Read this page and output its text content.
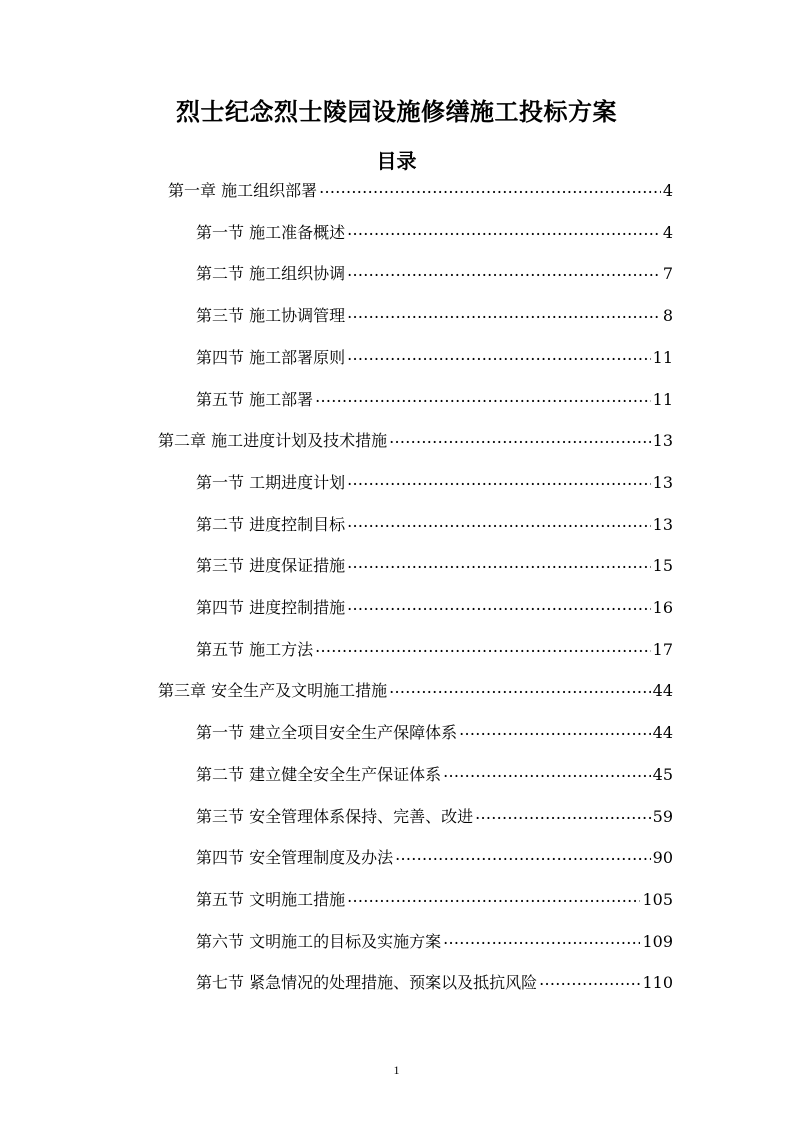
烈士纪念烈士陵园设施修缮施工投标方案
目录
第一章 施工组织部署 .....	4
第一节 施工准备概述 .....	4
第二节 施工组织协调 .....	7
第三节 施工协调管理 .....	8
第四节 施工部署原则 .....	11
第五节 施工部署 .....	11
第二章 施工进度计划及技术措施 .....	13
第一节 工期进度计划 .....	13
第二节 进度控制目标 .....	13
第三节 进度保证措施 .....	15
第四节 进度控制措施 .....	16
第五节 施工方法 .....	17
第三章 安全生产及文明施工措施 .....	44
第一节 建立全项目安全生产保障体系 .....	44
第二节 建立健全安全生产保证体系 .....	45
第三节 安全管理体系保持、完善、改进 .....	59
第四节 安全管理制度及办法 .....	90
第五节 文明施工措施 .....	105
第六节 文明施工的目标及实施方案 .....	109
第七节 紧急情况的处理措施、预案以及抵抗风险 .....	110
1
